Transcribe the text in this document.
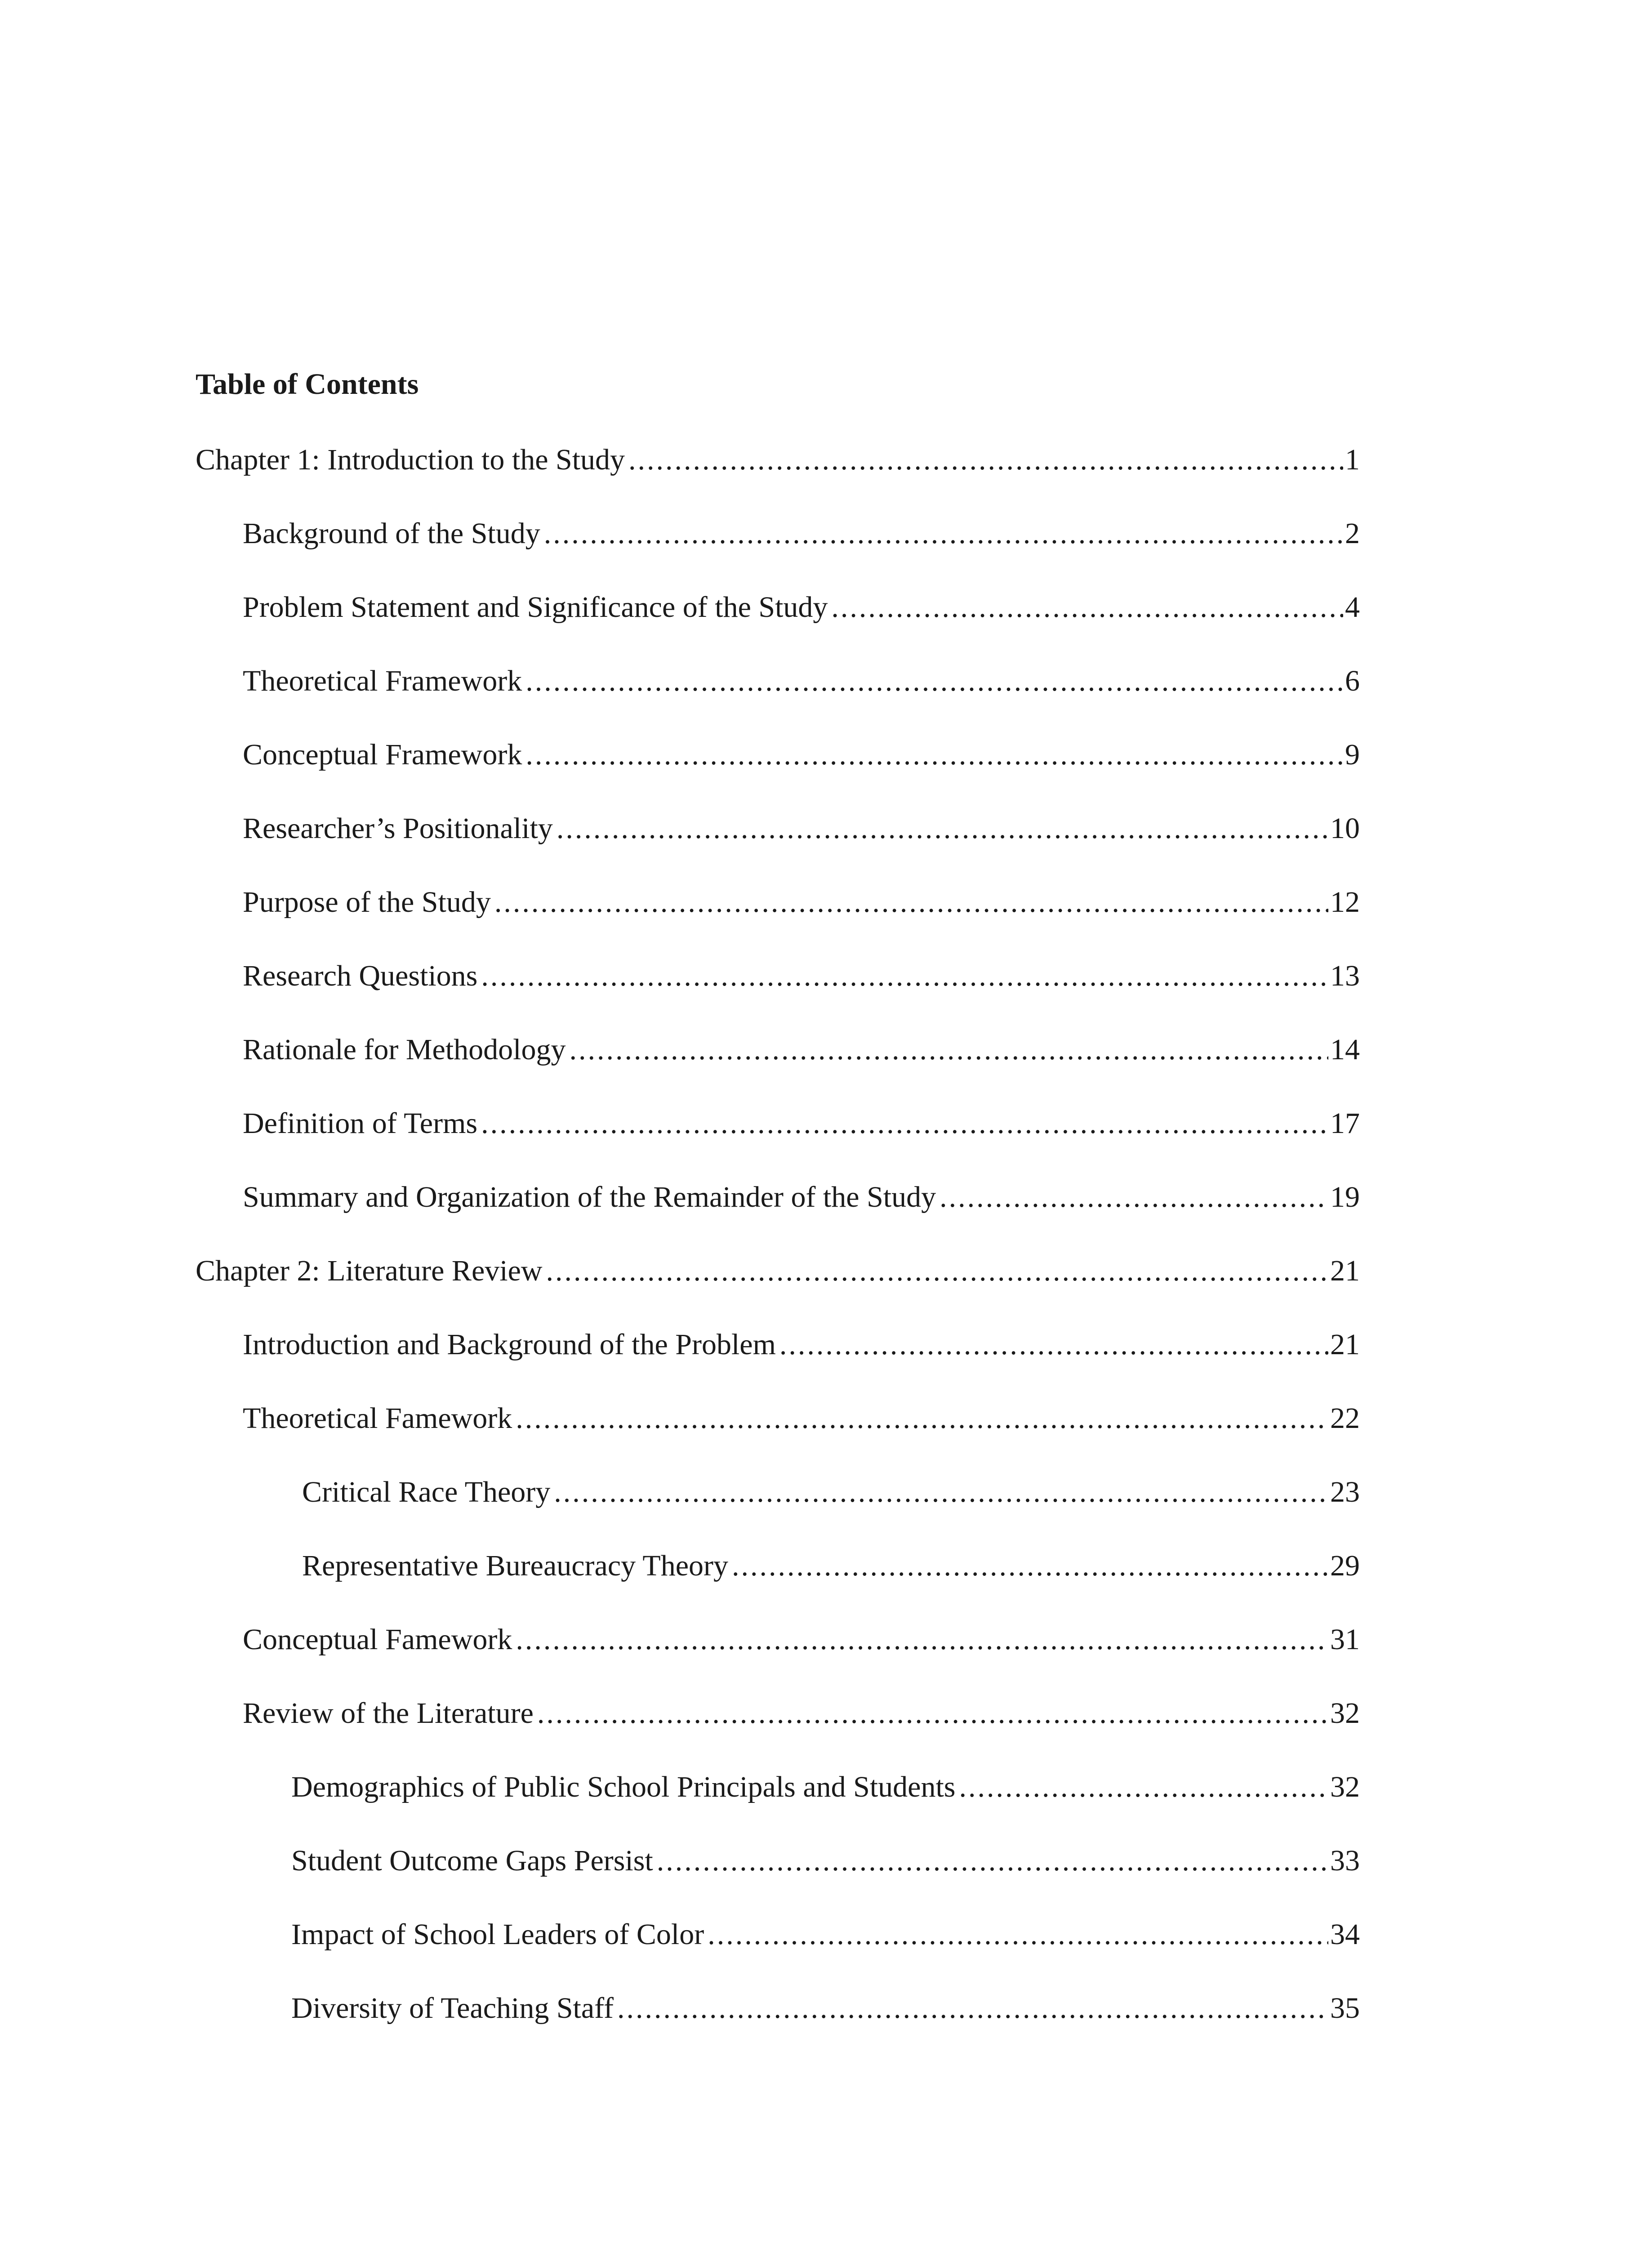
Table of Contents
Chapter 1: Introduction to the Study .....	1
Background of the Study .....	2
Problem Statement and Significance of the Study .....	4
Theoretical Framework .....	6
Conceptual Framework .....	9
Researcher’s Positionality .....	10
Purpose of the Study .....	12
Research Questions .....	13
Rationale for Methodology .....	14
Definition of Terms .....	17
Summary and Organization of the Remainder of the Study .....	19
Chapter 2: Literature Review .....	21
Introduction and Background of the Problem .....	21
Theoretical Famework .....	22
Critical Race Theory .....	23
Representative Bureaucracy Theory .....	29
Conceptual Famework .....	31
Review of the Literature .....	32
Demographics of Public School Principals and Students .....	32
Student Outcome Gaps Persist .....	33
Impact of School Leaders of Color .....	34
Diversity of Teaching Staff .....	35
